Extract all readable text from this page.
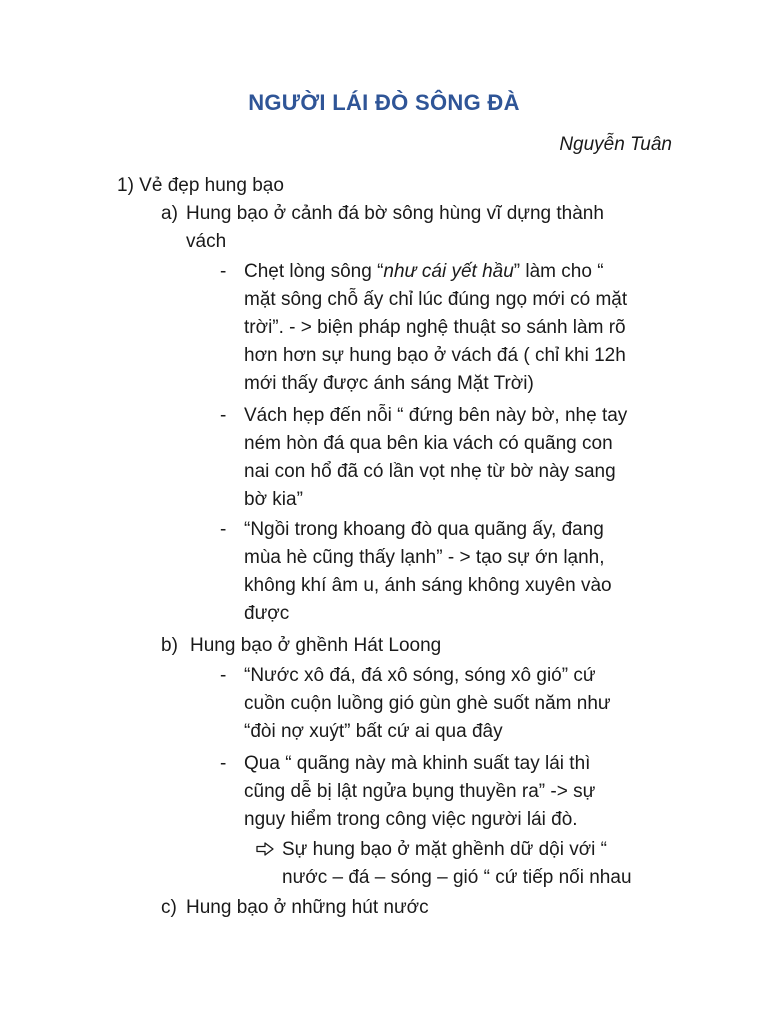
NGƯỜI LÁI ĐÒ SÔNG ĐÀ
Nguyễn Tuân
1) Vẻ đẹp hung bạo
a) Hung bạo ở cảnh đá bờ sông hùng vĩ dựng thành
vách
- Chẹt lòng sông “như cái yết hầu” làm cho “
mặt sông chỗ ấy chỉ lúc đúng ngọ mới có mặt
trời”. - > biện pháp nghệ thuật so sánh làm rõ
hơn hơn sự hung bạo ở vách đá ( chỉ khi 12h
mới thấy được ánh sáng Mặt Trời)
- Vách hẹp đến nỗi “ đứng bên này bờ, nhẹ tay
ném hòn đá qua bên kia vách có quãng con
nai con hổ đã có lần vọt nhẹ từ bờ này sang
bờ kia”
- “Ngồi trong khoang đò qua quãng ấy, đang
mùa hè cũng thấy lạnh” - > tạo sự ớn lạnh,
không khí âm u, ánh sáng không xuyên vào
được
b) Hung bạo ở ghềnh Hát Loong
- “Nước xô đá, đá xô sóng, sóng xô gió” cứ
cuồn cuộn luồng gió gùn ghè suốt năm như
“đòi nợ xuýt” bất cứ ai qua đây
- Qua “ quãng này mà khinh suất tay lái thì
cũng dễ bị lật ngửa bụng thuyền ra” -> sự
nguy hiểm trong công việc người lái đò.
Sự hung bạo ở mặt ghềnh dữ dội với “
nước – đá – sóng – gió “ cứ tiếp nối nhau
c) Hung bạo ở những hút nước
